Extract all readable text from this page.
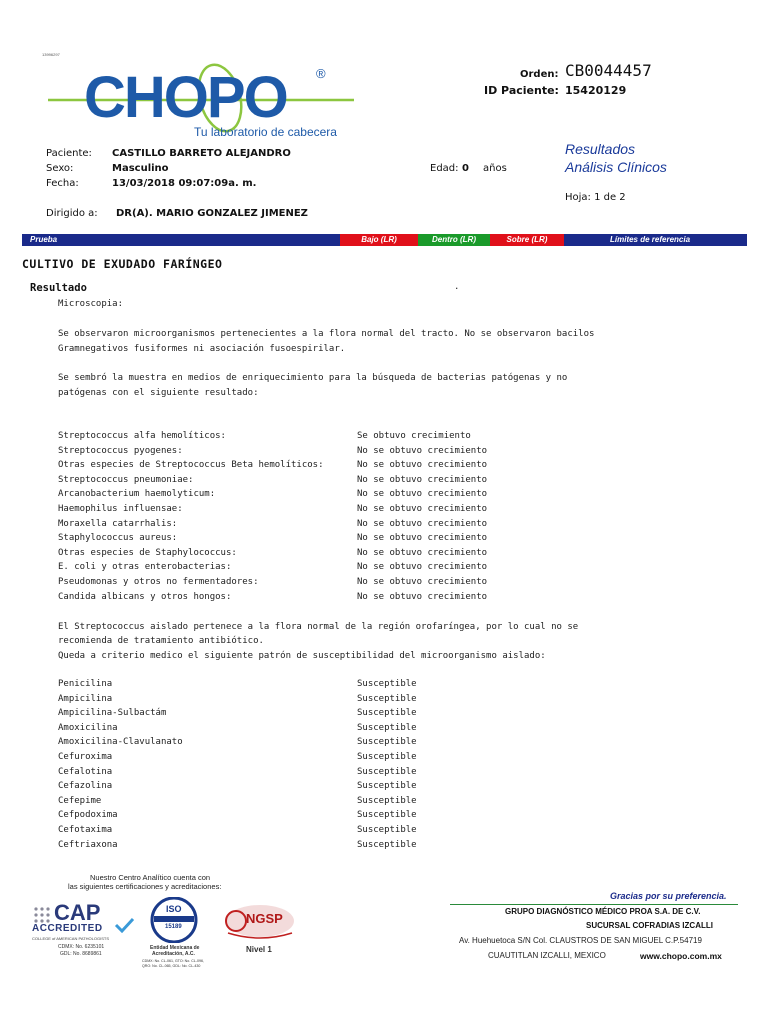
13996297
CHOPO ®
Tu laboratorio de cabecera
Orden: CB0044457
ID Paciente: 15420129
Paciente: CASTILLO BARRETO ALEJANDRO
Sexo:	Masculino
Fecha:	13/03/2018 09:07:09a. m.
Edad: 0 años
Dirigido a: DR(A). MARIO GONZALEZ JIMENEZ
Resultados
Análisis Clínicos
Hoja: 1 de 2
Prueba	Bajo (LR)	Dentro (LR)	Sobre (LR)	Límites de referencia
CULTIVO DE EXUDADO FARÍNGEO
Resultado	.
Microscopia:
Se observaron microorganismos pertenecientes a la flora normal del tracto. No se observaron bacilos
Gramnegativos fusiformes ni asociación fusoespirilar.
Se sembró la muestra en medios de enriquecimiento para la búsqueda de bacterias patógenas y no
patógenas con el siguiente resultado:
Streptococcus alfa hemolíticos:	Se obtuvo crecimiento
Streptococcus pyogenes:	No se obtuvo crecimiento
Otras especies de Streptococcus Beta hemolíticos:	No se obtuvo crecimiento
Streptococcus pneumoniae:	No se obtuvo crecimiento
Arcanobacterium haemolyticum:	No se obtuvo crecimiento
Haemophilus influensae:	No se obtuvo crecimiento
Moraxella catarrhalis:	No se obtuvo crecimiento
Staphylococcus aureus:	No se obtuvo crecimiento
Otras especies de Staphylococcus:	No se obtuvo crecimiento
E. coli y otras enterobacterias:	No se obtuvo crecimiento
Pseudomonas y otros no fermentadores:	No se obtuvo crecimiento
Candida albicans y otros hongos:	No se obtuvo crecimiento
El Streptococcus aislado pertenece a la flora normal de la región orofaríngea, por lo cual no se
recomienda de tratamiento antibiótico.
Queda a criterio medico el siguiente patrón de susceptibilidad del microorganismo aislado:
Penicilina	Susceptible
Ampicilina	Susceptible
Ampicilina-Sulbactám	Susceptible
Amoxicilina	Susceptible
Amoxicilina-Clavulanato	Susceptible
Cefuroxima	Susceptible
Cefalotina	Susceptible
Cefazolina	Susceptible
Cefepime	Susceptible
Cefpodoxima	Susceptible
Cefotaxima	Susceptible
Ceftriaxona	Susceptible
Nuestro Centro Analítico cuenta con
las siguientes certificaciones y acreditaciones:
CAP
ACCREDITED
COLLEGE of AMERICAN PATHOLOGISTS
CDMX: No. 6235101
GDL: No. 8689861
ISO
15189
Entidad Mexicana de
Acreditación, A.C.
CDMX: No. CL-061, GTO: No. CL-096,
QRO: No. CL-065, GDL: No. CL-430
NGSP
Nivel 1
Gracias por su preferencia.
GRUPO DIAGNÓSTICO MÉDICO PROA S.A. DE C.V.
SUCURSAL COFRADIAS IZCALLI
Av. Huehuetoca S/N Col. CLAUSTROS DE SAN MIGUEL C.P.54719
CUAUTITLAN IZCALLI, MEXICO	www.chopo.com.mx
